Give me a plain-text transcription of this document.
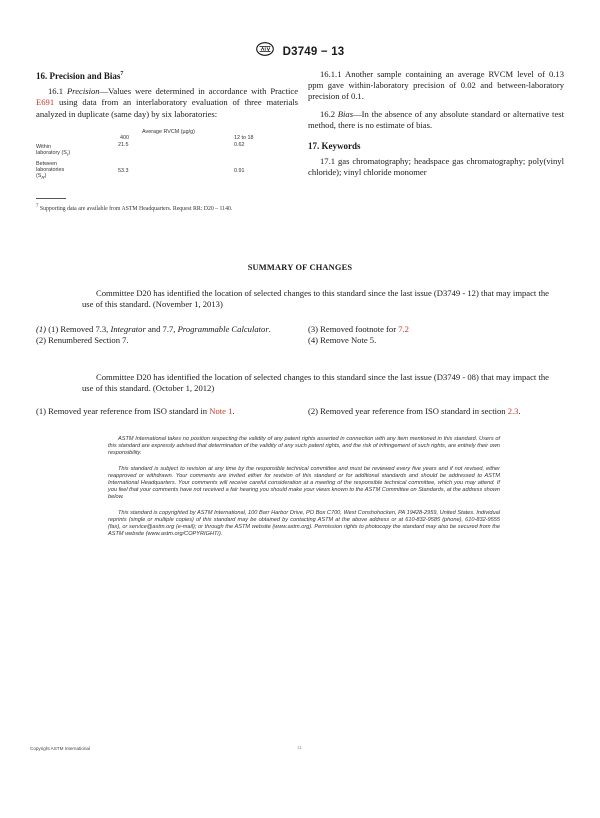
D3749 − 13

16. Precision and Bias$^7$

16.1 Precision—Values were determined in accordance with Practice E691 using data from an interlaboratory evaluation of three materials analyzed in duplicate (same day) by six laboratories:

	Average RVCM (µg/g)	
	400	12 to 18
Within
laboratory $(S_r)$	21.5	0.62
Between
laboratories
$(S_R)$	53.3	0.91

$^7$ Supporting data are available from ASTM Headquarters. Request RR: D20 – 1140.

16.1.1 Another sample containing an average RVCM level of 0.13 ppm gave within-laboratory precision of 0.02 and between-laboratory precision of 0.1.

16.2 Bias—In the absence of any absolute standard or alternative test method, there is no estimate of bias.

17. Keywords

17.1 gas chromatography; headspace gas chromatography; poly(vinyl chloride); vinyl chloride monomer

SUMMARY OF CHANGES

Committee D20 has identified the location of selected changes to this standard since the last issue (D3749 - 12) that may impact the use of this standard. (November 1, 2013)

(1) (1) Removed 7.3, Integrator and 7.7, Programmable Calculator.

(2) Renumbered Section 7.

(3) Removed footnote for 7.2

(4) Remove Note 5.

Committee D20 has identified the location of selected changes to this standard since the last issue (D3749 - 08) that may impact the use of this standard. (October 1, 2012)

(1) Removed year reference from ISO standard in Note 1.	(2) Removed year reference from ISO standard in section 2.3.

ASTM International takes no position respecting the validity of any patent rights asserted in connection with any item mentioned in this standard. Users of this standard are expressly advised that determination of the validity of any such patent rights, and the risk of infringement of such rights, are entirely their own responsibility.

This standard is subject to revision at any time by the responsible technical committee and must be reviewed every five years and if not revised, either reapproved or withdrawn. Your comments are invited either for revision of this standard or for additional standards and should be addressed to ASTM International Headquarters. Your comments will receive careful consideration at a meeting of the responsible technical committee, which you may attend. If you feel that your comments have not received a fair hearing you should make your views known to the ASTM Committee on Standards, at the address shown below.

This standard is copyrighted by ASTM International, 100 Barr Harbor Drive, PO Box C700, West Conshohocken, PA 19428-2959, United States. Individual reprints (single or multiple copies) of this standard may be obtained by contacting ASTM at the above address or at 610-832-9585 (phone), 610-832-9555 (fax), or service@astm.org (e-mail); or through the ASTM website (www.astm.org). Permission rights to photocopy the standard may also be secured from the ASTM website (www.astm.org/COPYRIGHT/).

Copyright ASTM International	11
